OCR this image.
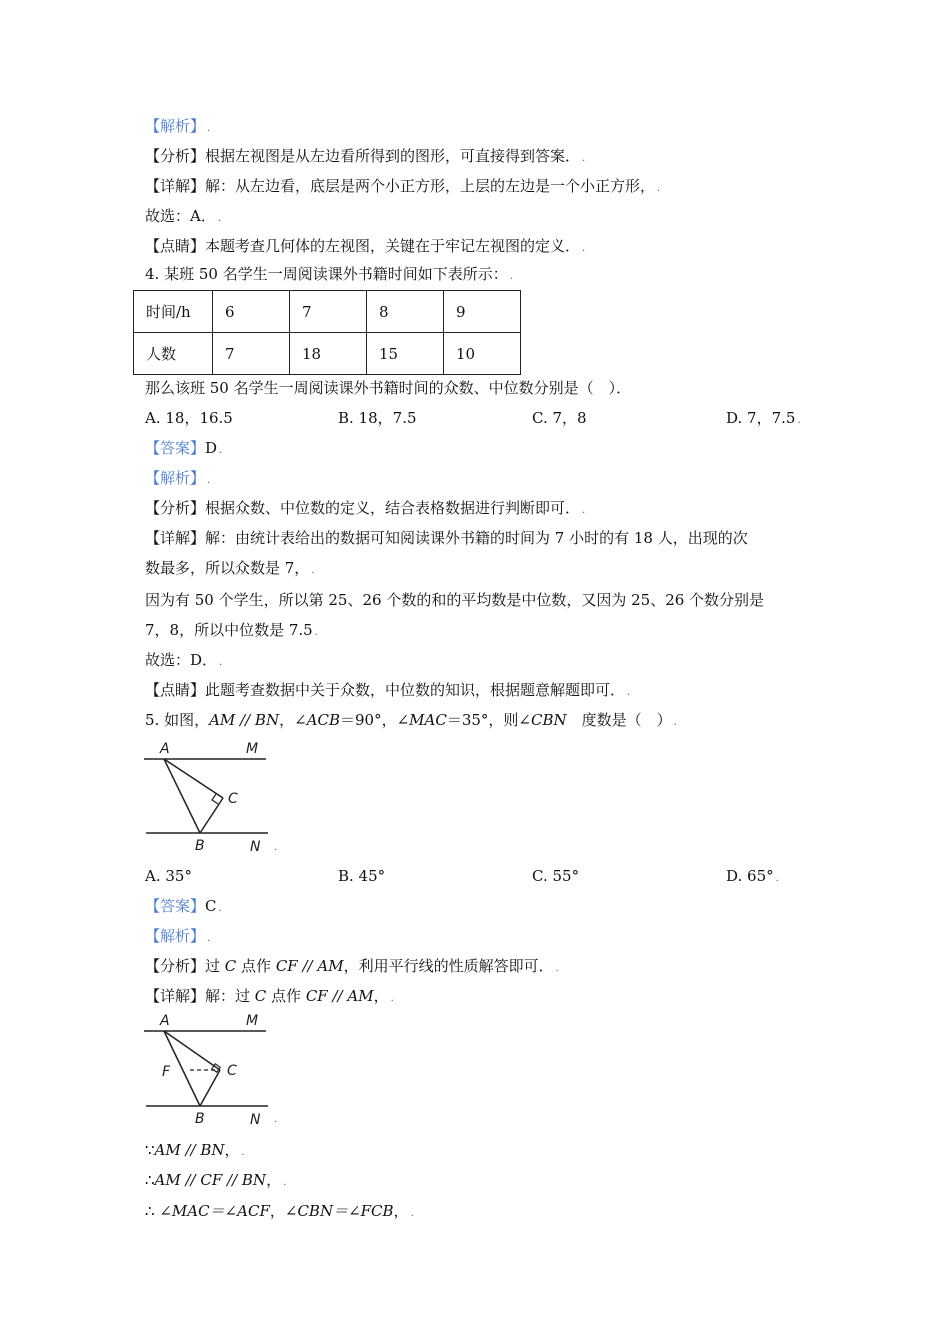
【解析】 .
【分析】根据左视图是从左边看所得到的图形，可直接得到答案． .
【详解】解：从左边看，底层是两个小正方形，上层的左边是一个小正方形， .
故选：A． .
【点睛】本题考查几何体的左视图，关键在于牢记左视图的定义． .
4. 某班 50 名学生一周阅读课外书籍时间如下表所示： .
时间/h	6	7	8	9
人数	7	18	15	10
那么该班 50 名学生一周阅读课外书籍时间的众数、中位数分别是（　）．
A. 18，16.5	B. 18，7.5	C. 7，8	D. 7，7.5 .
【答案】D .
【解析】 .
【分析】根据众数、中位数的定义，结合表格数据进行判断即可． .
【详解】解：由统计表给出的数据可知阅读课外书籍的时间为 7 小时的有 18 人，出现的次
数最多，所以众数是 7， .
因为有 50 个学生，所以第 25、26 个数的和的平均数是中位数，又因为 25、26 个数分别是
7，8，所以中位数是 7.5 .
故选：D． .
【点睛】此题考查数据中关于众数，中位数的知识，根据题意解题即可． .
5. 如图，AM // BN，∠ACB＝90°，∠MAC＝35°，则∠CBN　度数是（　） .
A	M
C
B	N .
A. 35°	B. 45°	C. 55°	D. 65° .
【答案】C .
【解析】 .
【分析】过 C 点作 CF // AM，利用平行线的性质解答即可． .
【详解】解：过 C 点作 CF // AM， .
A	M
F	C
B	N .
∵AM // BN， .
∴AM // CF // BN， .
∴ ∠MAC＝∠ACF，∠CBN＝∠FCB， .
